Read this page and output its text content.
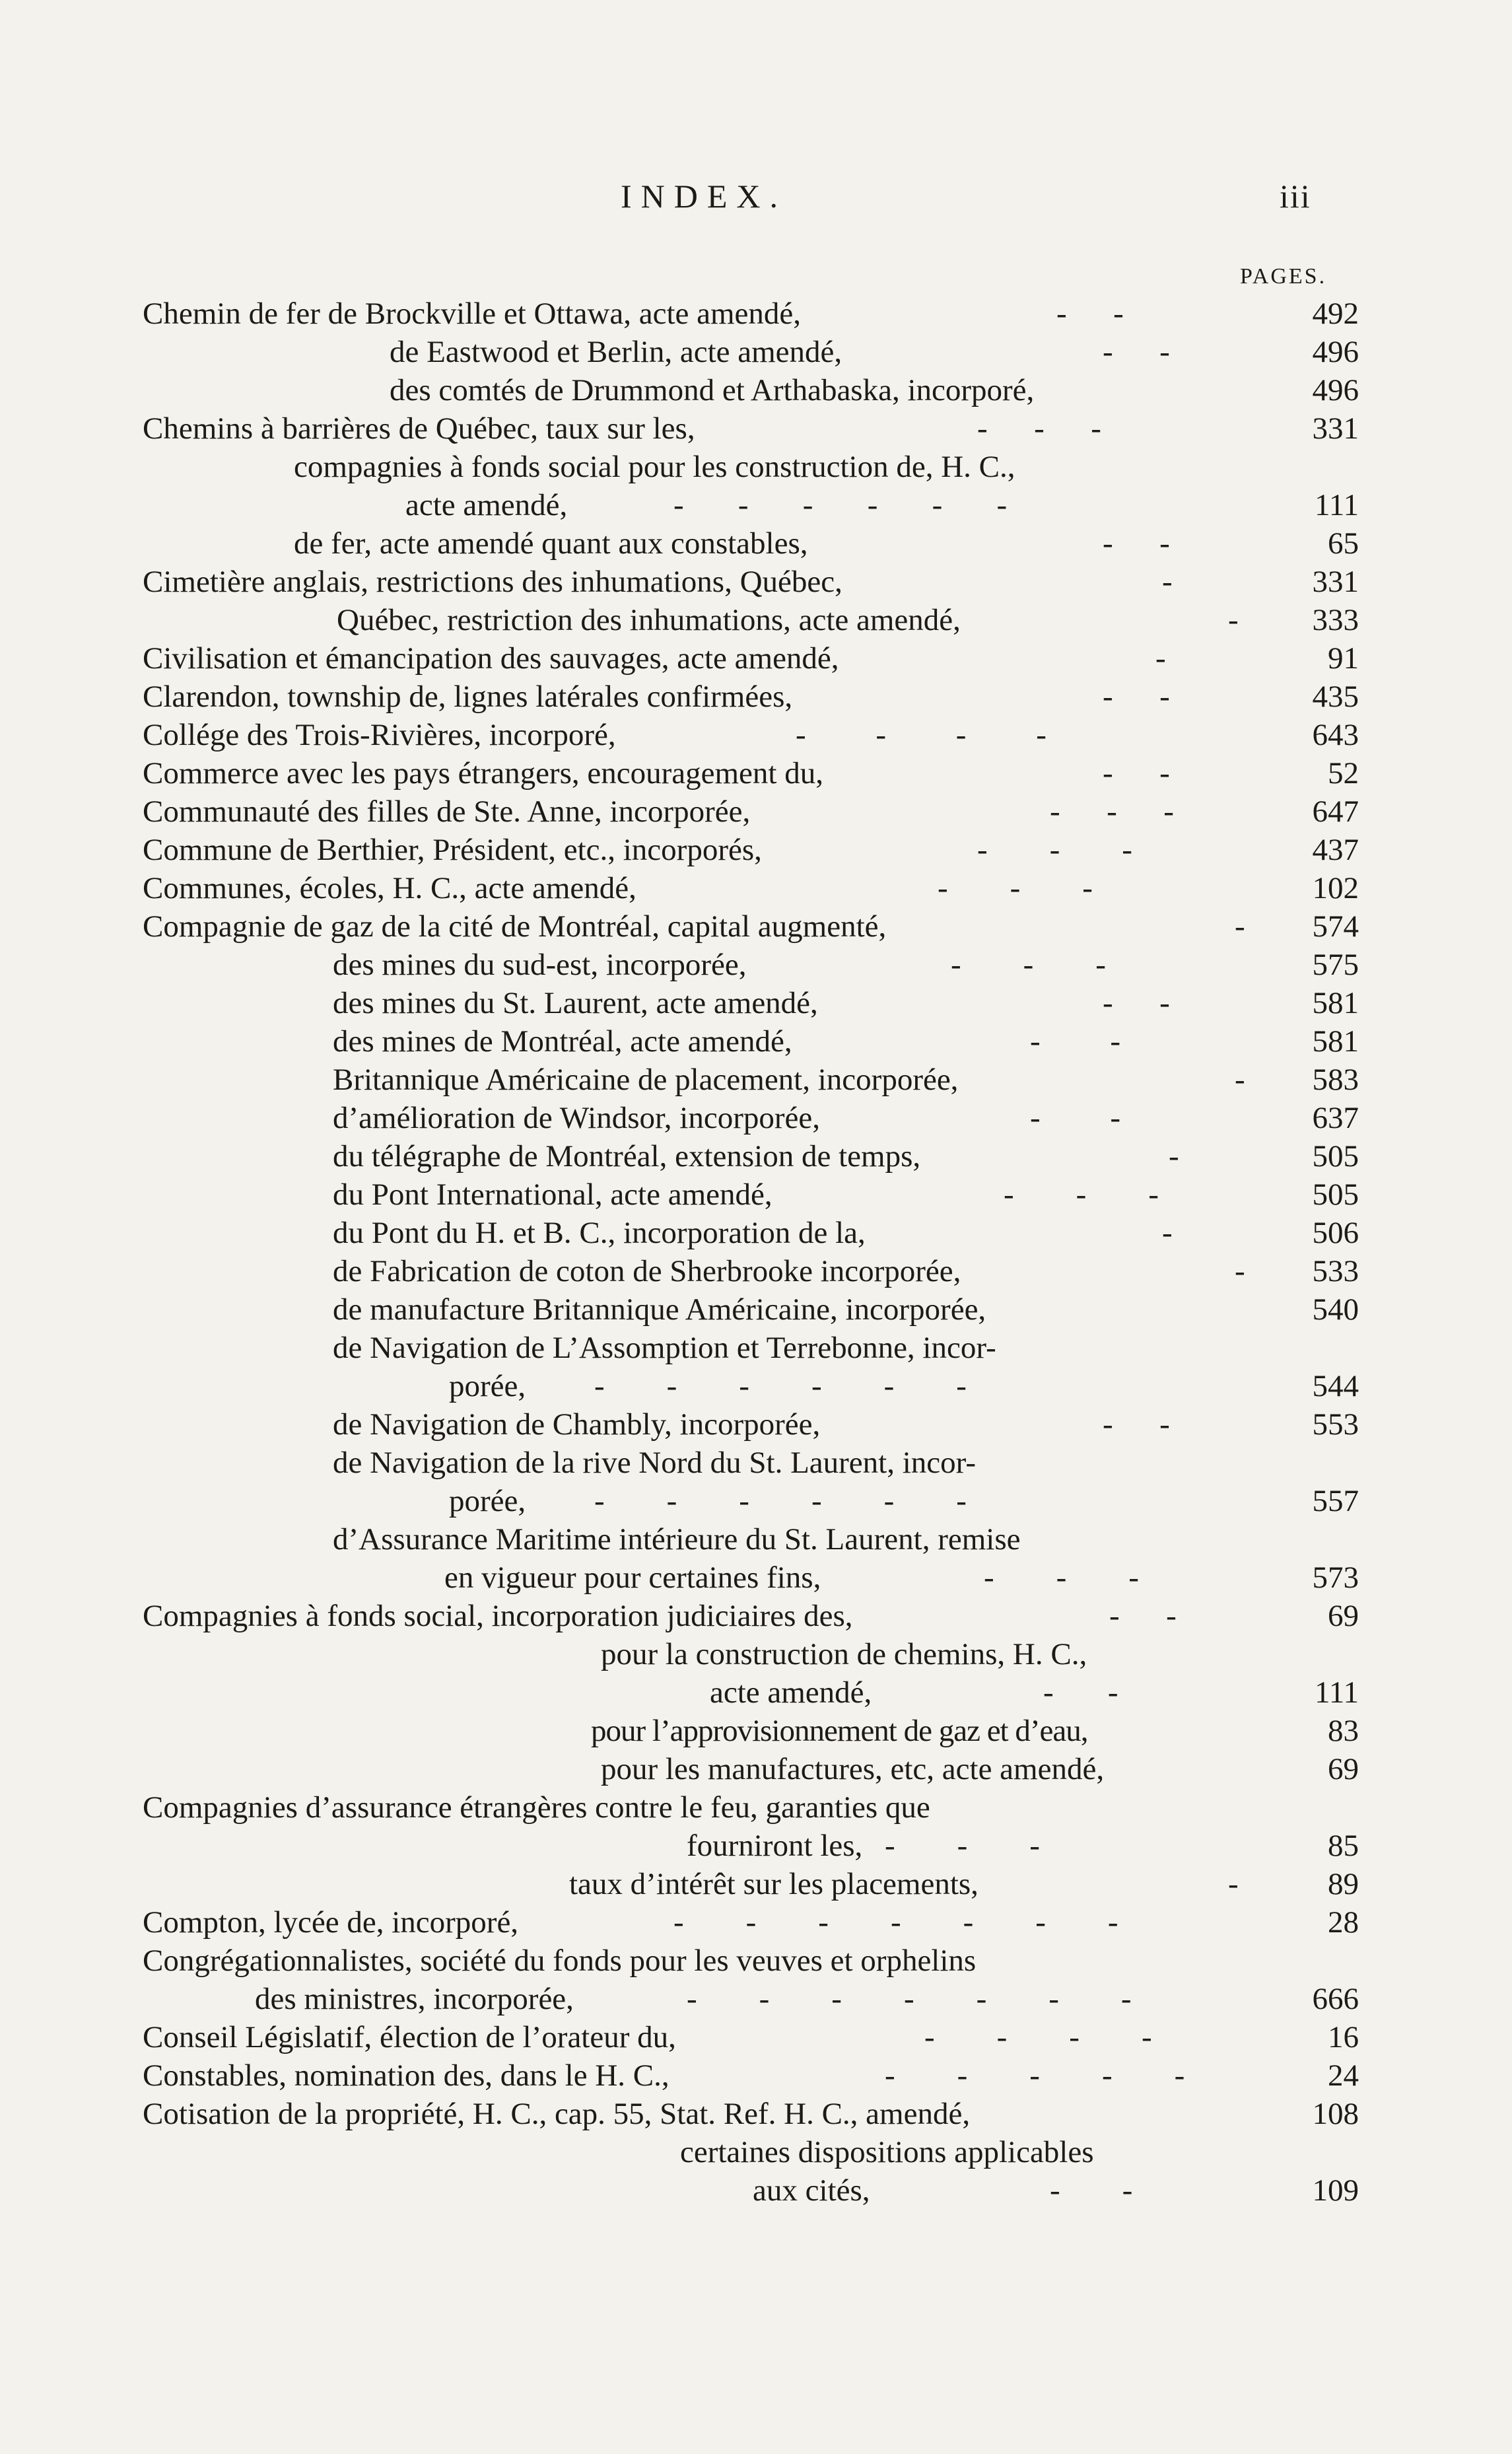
INDEX.	iii
PAGES.
Chemin de fer de Brockville et Ottawa, acte amendé,	-      -	492
de Eastwood et Berlin, acte amendé,	-      -	496
des comtés de Drummond et Arthabaska, incorporé,	496
Chemins à barrières de Québec, taux sur les,	-      -      -	331
compagnies à fonds social pour les construction de, H. C.,
acte amendé,	-       -       -       -       -       -	111
de fer, acte amendé quant aux constables,	-      -	65
Cimetière anglais, restrictions des inhumations, Québec,	-	331
Québec, restriction des inhumations, acte amendé,	-	333
Civilisation et émancipation des sauvages, acte amendé,	-	91
Clarendon, township de, lignes latérales confirmées,	-      -	435
Collége des Trois-Rivières, incorporé,	-         -         -         -	643
Commerce avec les pays étrangers, encouragement du,	-      -	52
Communauté des filles de Ste. Anne, incorporée,	-      -      -	647
Commune de Berthier, Président, etc., incorporés,	-        -        -	437
Communes, écoles, H. C., acte amendé,	-        -        -	102
Compagnie de gaz de la cité de Montréal, capital augmenté,	-	574
des mines du sud-est, incorporée,	-        -        -	575
des mines du St. Laurent, acte amendé,	-      -	581
des mines de Montréal, acte amendé,	-         -	581
Britannique Américaine de placement, incorporée,	-	583
d’amélioration de Windsor, incorporée,	-         -	637
du télégraphe de Montréal, extension de temps,	-	505
du Pont International, acte amendé,	-        -        -	505
du Pont du H. et B. C., incorporation de la,	-	506
de Fabrication de coton de Sherbrooke incorporée,	-	533
de manufacture Britannique Américaine, incorporée,	540
de Navigation de L’Assomption et Terrebonne, incor-
porée, -        -        -        -        -        -	544
de Navigation de Chambly, incorporée,	-      -	553
de Navigation de la rive Nord du St. Laurent, incor-
porée, -        -        -        -        -        -	557
d’Assurance Maritime intérieure du St. Laurent, remise
en vigueur pour certaines fins,	-        -        -	573
Compagnies à fonds social, incorporation judiciaires des,	-      -	69
pour la construction de chemins, H. C.,
acte amendé,	-       -	111
pour l’approvisionnement de gaz et d’eau,	83
pour les manufactures, etc, acte amendé,	69
Compagnies d’assurance étrangères contre le feu, garanties que
fourniront les, -        -        -	85
taux d’intérêt sur les placements,	-	89
Compton, lycée de, incorporé,	-        -        -        -        -        -        -	28
Congrégationnalistes, société du fonds pour les veuves et orphelins
des ministres, incorporée,	-        -        -        -        -        -        -	666
Conseil Législatif, élection de l’orateur du,	-        -        -        -	16
Constables, nomination des, dans le H. C.,	-        -        -        -        -	24
Cotisation de la propriété, H. C., cap. 55, Stat. Ref. H. C., amendé,	108
certaines dispositions applicables
aux cités,	-        -	109
